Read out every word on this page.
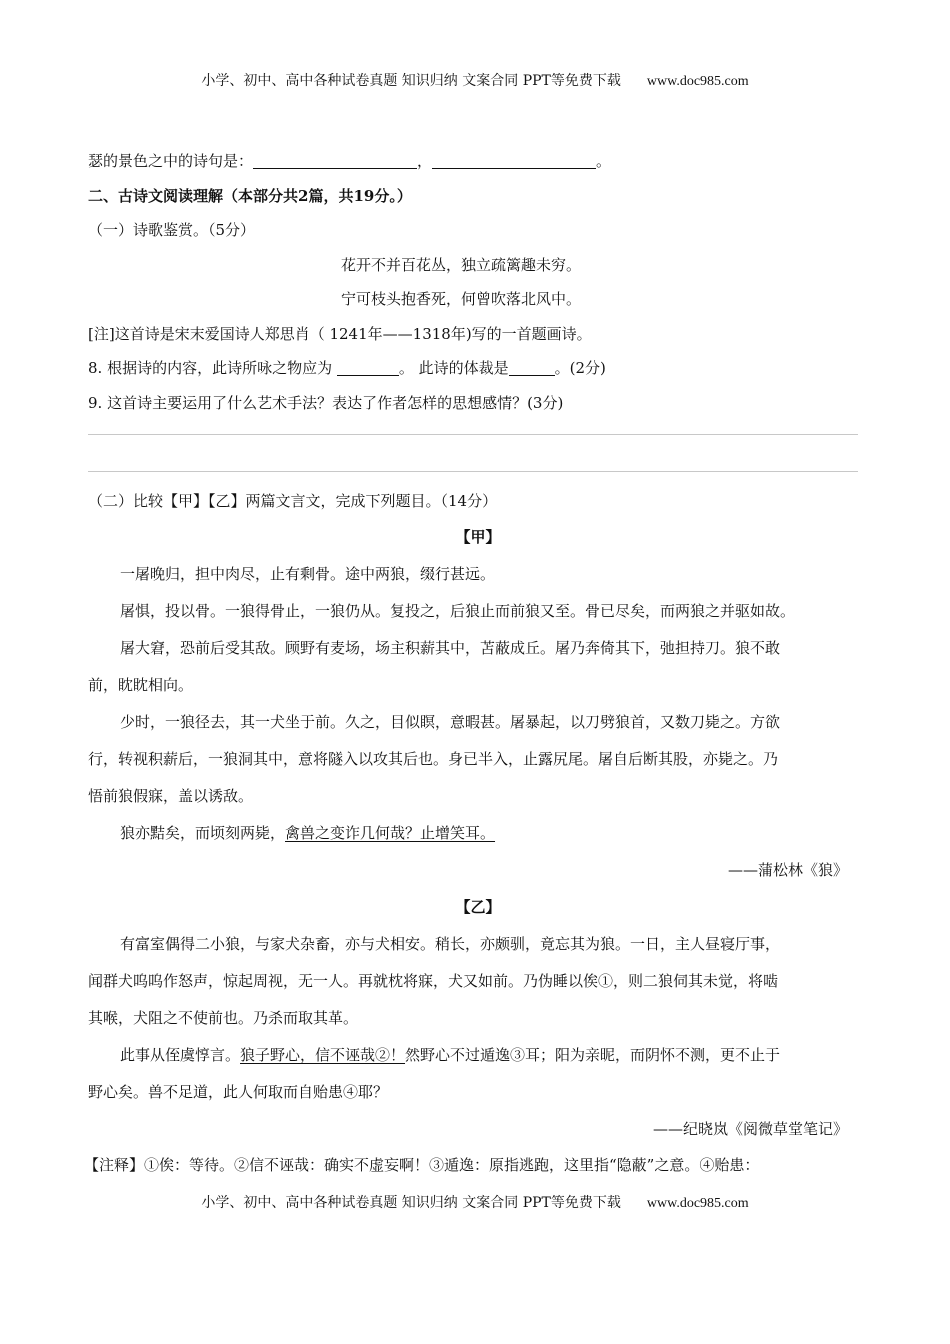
小学、初中、高中各种试卷真题 知识归纳 文案合同 PPT等免费下载 www.doc985.com
瑟的景色之中的诗句是：	，	。
二、古诗文阅读理解（本部分共2篇，共19分。）
（一）诗歌鉴赏。（5分）
花开不并百花丛，独立疏篱趣未穷。
宁可枝头抱香死，何曾吹落北风中。
[注]这首诗是宋末爱国诗人郑思肖（ 1241年——1318年)写的一首题画诗。
8. 根据诗的内容，此诗所咏之物应为	。 此诗的体裁是	。(2分)
9. 这首诗主要运用了什么艺术手法？表达了作者怎样的思想感情？(3分)
（二）比较【甲】【乙】两篇文言文，完成下列题目。（14分）
【甲】
一屠晚归，担中肉尽，止有剩骨。途中两狼，缀行甚远。
屠惧，投以骨。一狼得骨止，一狼仍从。复投之，后狼止而前狼又至。骨已尽矣，而两狼之并驱如故。
屠大窘，恐前后受其敌。顾野有麦场，场主积薪其中，苫蔽成丘。屠乃奔倚其下，弛担持刀。狼不敢
前，眈眈相向。
少时，一狼径去，其一犬坐于前。久之，目似瞑，意暇甚。屠暴起，以刀劈狼首，又数刀毙之。方欲
行，转视积薪后，一狼洞其中，意将隧入以攻其后也。身已半入，止露尻尾。屠自后断其股，亦毙之。乃
悟前狼假寐，盖以诱敌。
狼亦黠矣，而顷刻两毙，禽兽之变诈几何哉？止增笑耳。
——蒲松林《狼》
【乙】
有富室偶得二小狼，与家犬杂畜，亦与犬相安。稍长，亦颇驯，竟忘其为狼。一日，主人昼寝厅事，
闻群犬呜呜作怒声，惊起周视，无一人。再就枕将寐，犬又如前。乃伪睡以俟①，则二狼伺其未觉，将啮
其喉，犬阻之不使前也。乃杀而取其革。
此事从侄虞惇言。狼子野心，信不诬哉②！然野心不过遁逸③耳；阳为亲昵，而阴怀不测，更不止于
野心矣。兽不足道，此人何取而自贻患④耶？
——纪晓岚《阅微草堂笔记》
【注释】①俟：等待。②信不诬哉：确实不虚妄啊！③遁逸：原指逃跑，这里指“隐蔽”之意。④贻患：
小学、初中、高中各种试卷真题 知识归纳 文案合同 PPT等免费下载 www.doc985.com
